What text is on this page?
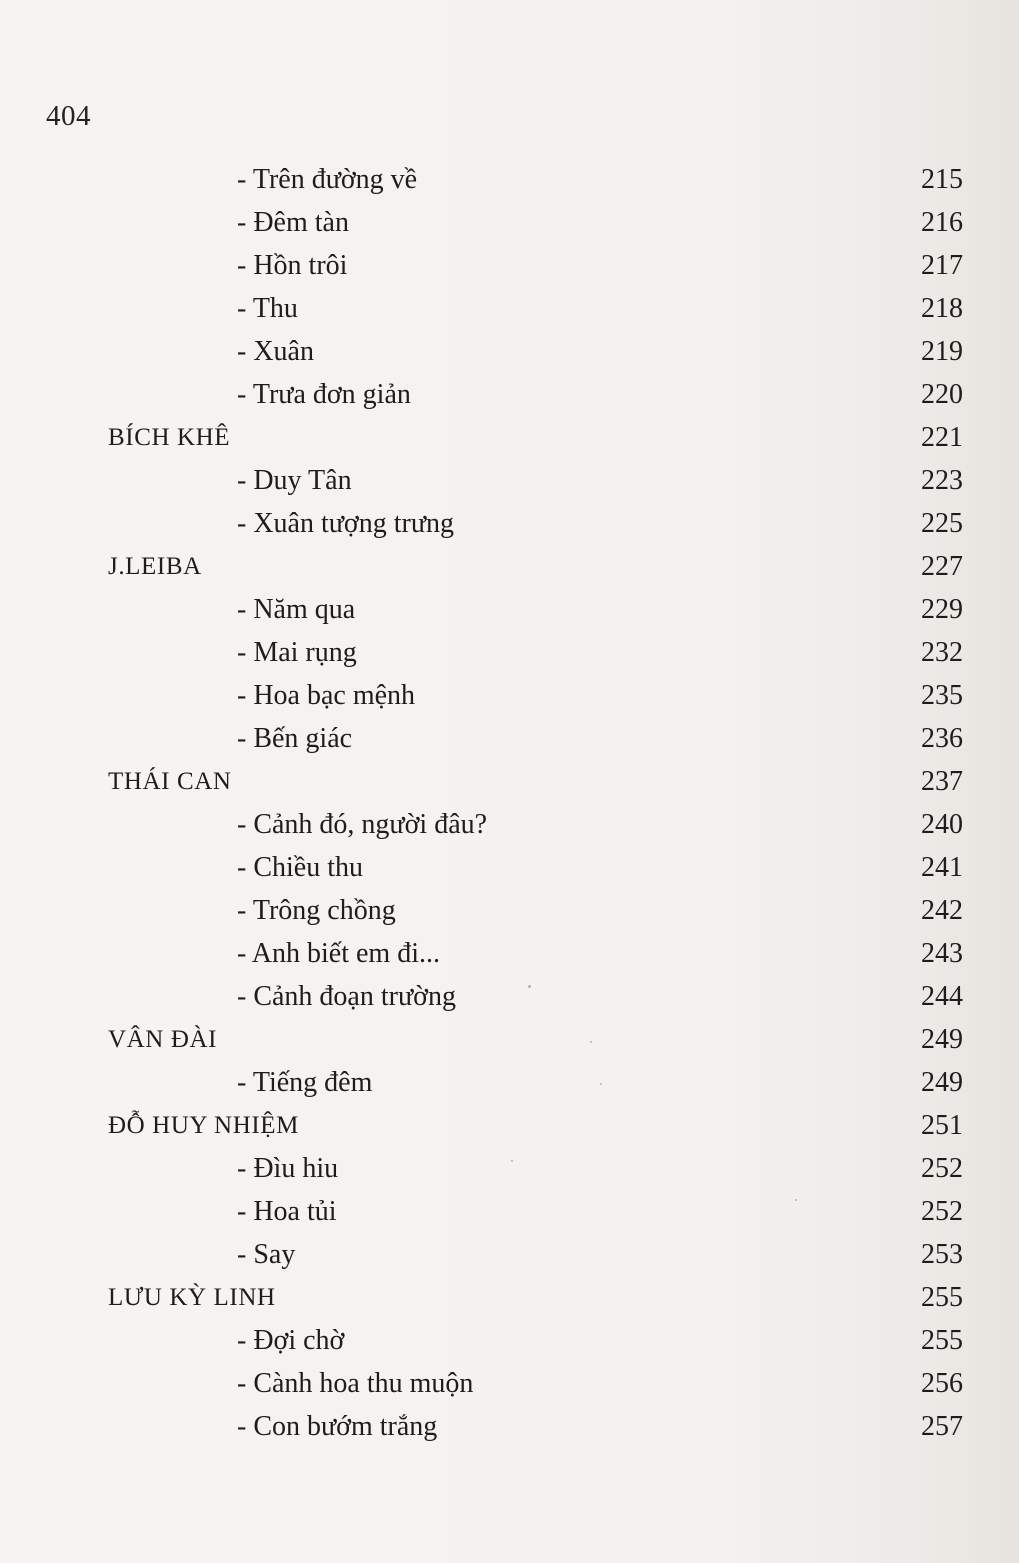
404
- Trên đường về	215
- Đêm tàn	216
- Hồn trôi	217
- Thu	218
- Xuân	219
- Trưa đơn giản	220
BÍCH KHÊ	221
- Duy Tân	223
- Xuân tượng trưng	225
J.LEIBA	227
- Năm qua	229
- Mai rụng	232
- Hoa bạc mệnh	235
- Bến giác	236
THÁI CAN	237
- Cảnh đó, người đâu?	240
- Chiều thu	241
- Trông chồng	242
- Anh biết em đi...	243
- Cảnh đoạn trường	244
VÂN ĐÀI	249
- Tiếng đêm	249
ĐỖ HUY NHIỆM	251
- Đìu hiu	252
- Hoa tủi	252
- Say	253
LƯU KỲ LINH	255
- Đợi chờ	255
- Cành hoa thu muộn	256
- Con bướm trắng	257
